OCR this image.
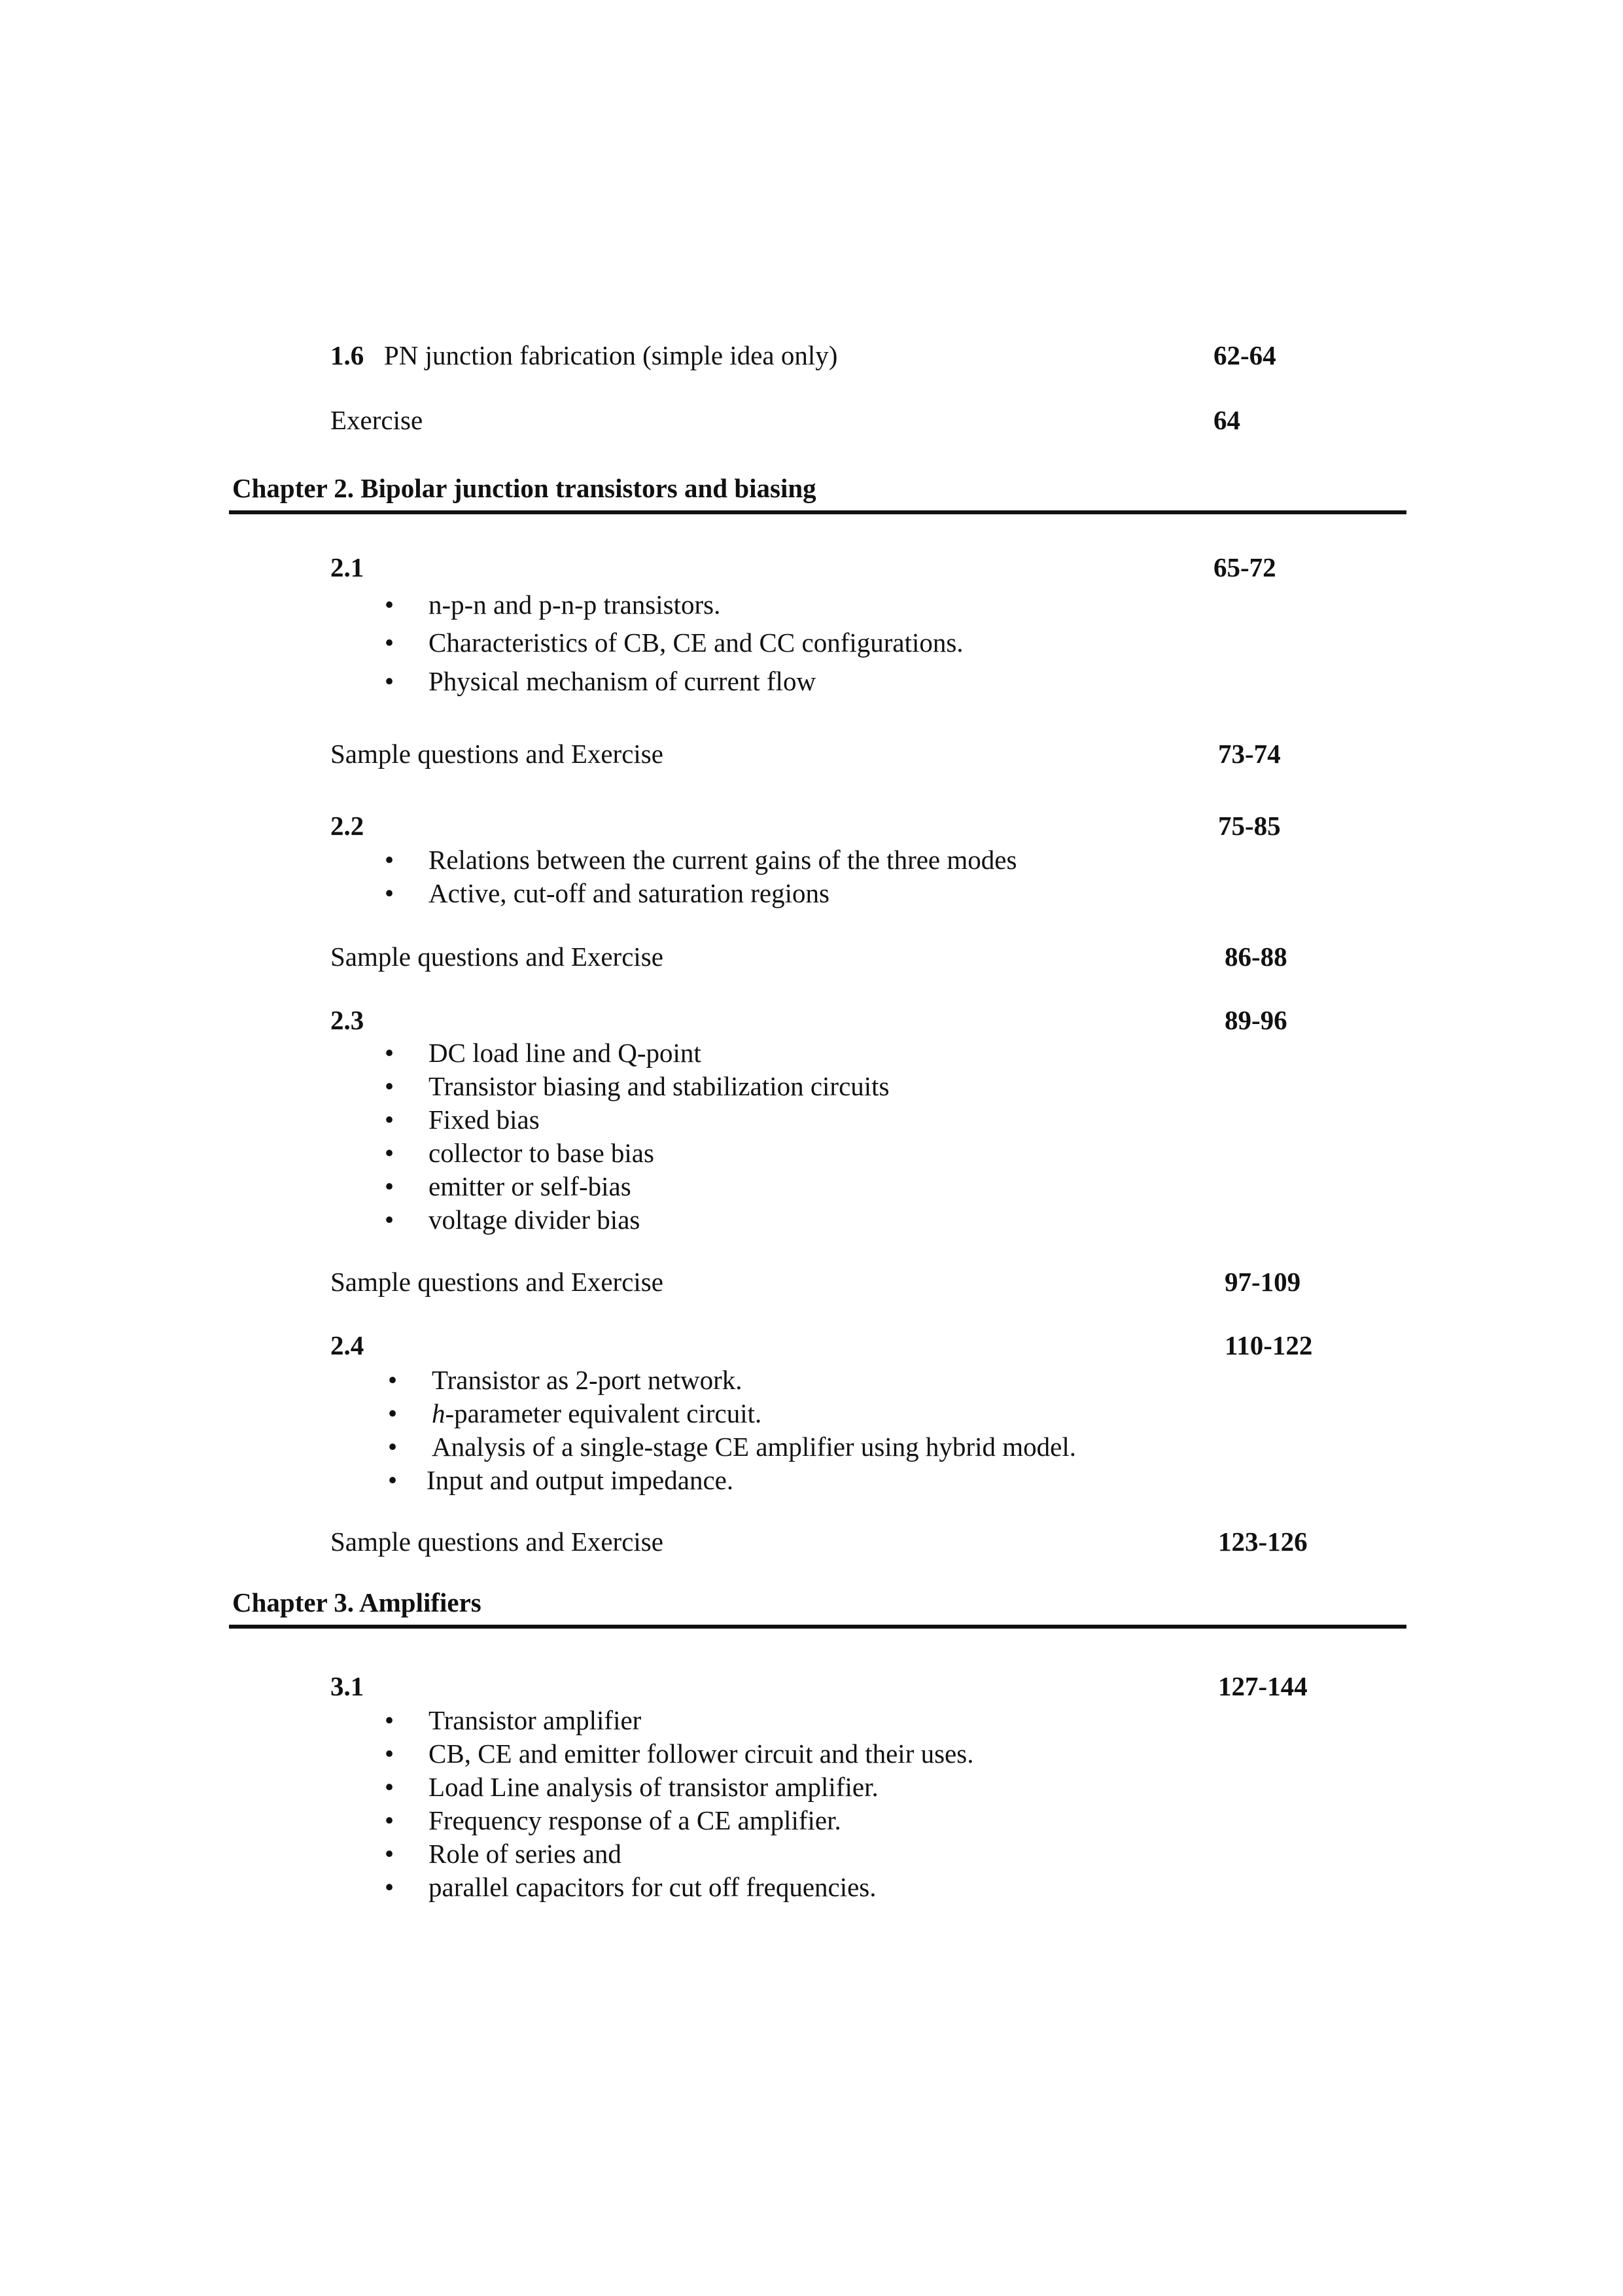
1.6 PN junction fabrication (simple idea only)	62-64
Exercise	64
Chapter 2. Bipolar junction transistors and biasing
2.1	65-72
• n-p-n and p-n-p transistors.
• Characteristics of CB, CE and CC configurations.
• Physical mechanism of current flow
Sample questions and Exercise	73-74
2.2	75-85
• Relations between the current gains of the three modes
• Active, cut-off and saturation regions
Sample questions and Exercise	86-88
2.3	89-96
• DC load line and Q-point
• Transistor biasing and stabilization circuits
• Fixed bias
• collector to base bias
• emitter or self-bias
• voltage divider bias
Sample questions and Exercise	97-109
2.4	110-122
• Transistor as 2-port network.
• h-parameter equivalent circuit.
• Analysis of a single-stage CE amplifier using hybrid model.
• Input and output impedance.
Sample questions and Exercise	123-126
Chapter 3. Amplifiers
3.1	127-144
• Transistor amplifier
• CB, CE and emitter follower circuit and their uses.
• Load Line analysis of transistor amplifier.
• Frequency response of a CE amplifier.
• Role of series and
• parallel capacitors for cut off frequencies.
